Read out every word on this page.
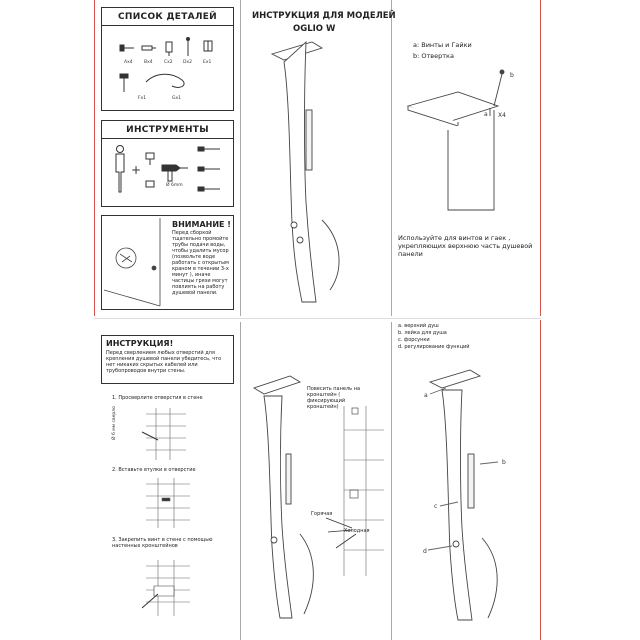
СПИСОК ДЕТАЛЕЙ
Ax4	Bx4	Cx2 Dx2 Ex1
Fx1	Gx1
ИНСТРУМЕНТЫ
+
Ø 6mm
ВНИМАНИЕ !
Перед сборкой тщательно промойте трубы подачи воды, чтобы удалить мусор (позвольте воде работать с открытым краном в течении 3-х минут ), иначе частицы грязи могут повлиять на работу душевой панели.
ИНСТРУКЦИЯ ДЛЯ МОДЕЛЕЙ
OGLIO W
a: Винты и Гайки
b: Отвертка
b
a X4
Используйте для винтов и гаек , укрепляющих верхнюю часть душевой панели
ИНСТРУКЦИЯ!
Перед сверлением любых отверстий для крепления душевой панели убедитесь, что нет никаких скрытых кабелей или трубопроводов внутри стены.
1. Просверлите отверстия в стене
Ø 6 мм сверло
2. Вставьте втулки в отверстие
3. Закрепить винт в стене с помощью настенных кронштейнов
Повесить панель на кронштейн ( фиксирующий кронштейн)
Горячая
Холодная
a. верхний душ
b. лейка для душа
c. форсунки
d. регулирование функций
a
b
c
d
